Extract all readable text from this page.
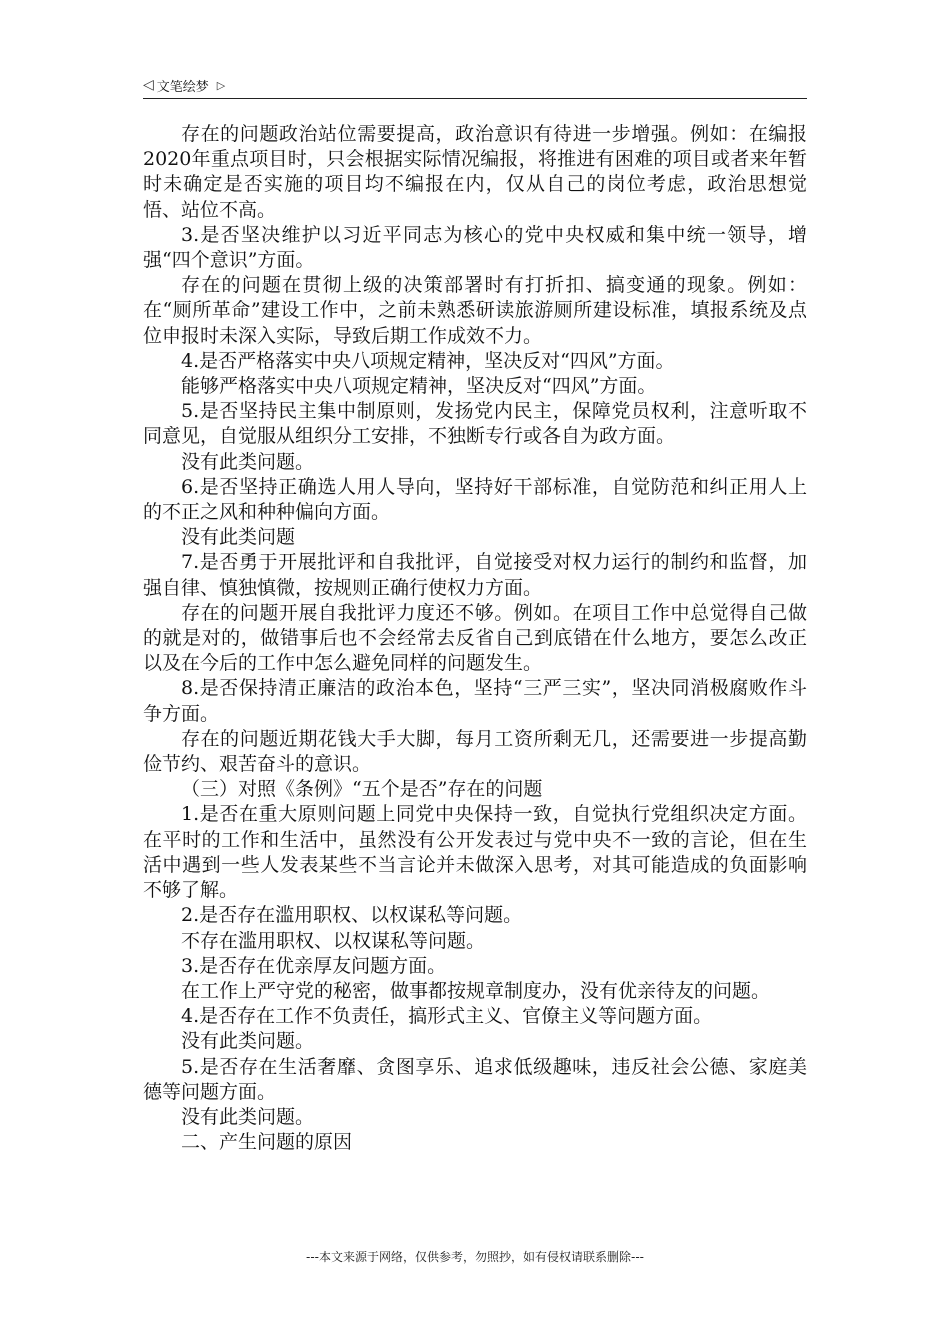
◁ 文笔绘梦 ▷

存在的问题政治站位需要提高，政治意识有待进一步增强。例如：在编报2020年重点项目时，只会根据实际情况编报，将推进有困难的项目或者来年暂时未确定是否实施的项目均不编报在内，仅从自己的岗位考虑，政治思想觉悟、站位不高。

3.是否坚决维护以习近平同志为核心的党中央权威和集中统一领导，增强“四个意识”方面。

存在的问题在贯彻上级的决策部署时有打折扣、搞变通的现象。例如：在“厕所革命”建设工作中，之前未熟悉研读旅游厕所建设标准，填报系统及点位申报时未深入实际，导致后期工作成效不力。

4.是否严格落实中央八项规定精神，坚决反对“四风”方面。

能够严格落实中央八项规定精神，坚决反对“四风”方面。

5.是否坚持民主集中制原则，发扬党内民主，保障党员权利，注意听取不同意见，自觉服从组织分工安排，不独断专行或各自为政方面。

没有此类问题。

6.是否坚持正确选人用人导向，坚持好干部标准，自觉防范和纠正用人上的不正之风和种种偏向方面。

没有此类问题

7.是否勇于开展批评和自我批评，自觉接受对权力运行的制约和监督，加强自律、慎独慎微，按规则正确行使权力方面。

存在的问题开展自我批评力度还不够。例如。在项目工作中总觉得自己做的就是对的，做错事后也不会经常去反省自己到底错在什么地方，要怎么改正以及在今后的工作中怎么避免同样的问题发生。

8.是否保持清正廉洁的政治本色，坚持“三严三实”，坚决同消极腐败作斗争方面。

存在的问题近期花钱大手大脚，每月工资所剩无几，还需要进一步提高勤俭节约、艰苦奋斗的意识。

（三）对照《条例》“五个是否”存在的问题

1.是否在重大原则问题上同党中央保持一致，自觉执行党组织决定方面。在平时的工作和生活中，虽然没有公开发表过与党中央不一致的言论，但在生活中遇到一些人发表某些不当言论并未做深入思考，对其可能造成的负面影响不够了解。

2.是否存在滥用职权、以权谋私等问题。

不存在滥用职权、以权谋私等问题。

3.是否存在优亲厚友问题方面。

在工作上严守党的秘密，做事都按规章制度办，没有优亲待友的问题。

4.是否存在工作不负责任，搞形式主义、官僚主义等问题方面。

没有此类问题。

5.是否存在生活奢靡、贪图享乐、追求低级趣味，违反社会公德、家庭美德等问题方面。

没有此类问题。

二、产生问题的原因

---本文来源于网络，仅供参考，勿照抄，如有侵权请联系删除---
